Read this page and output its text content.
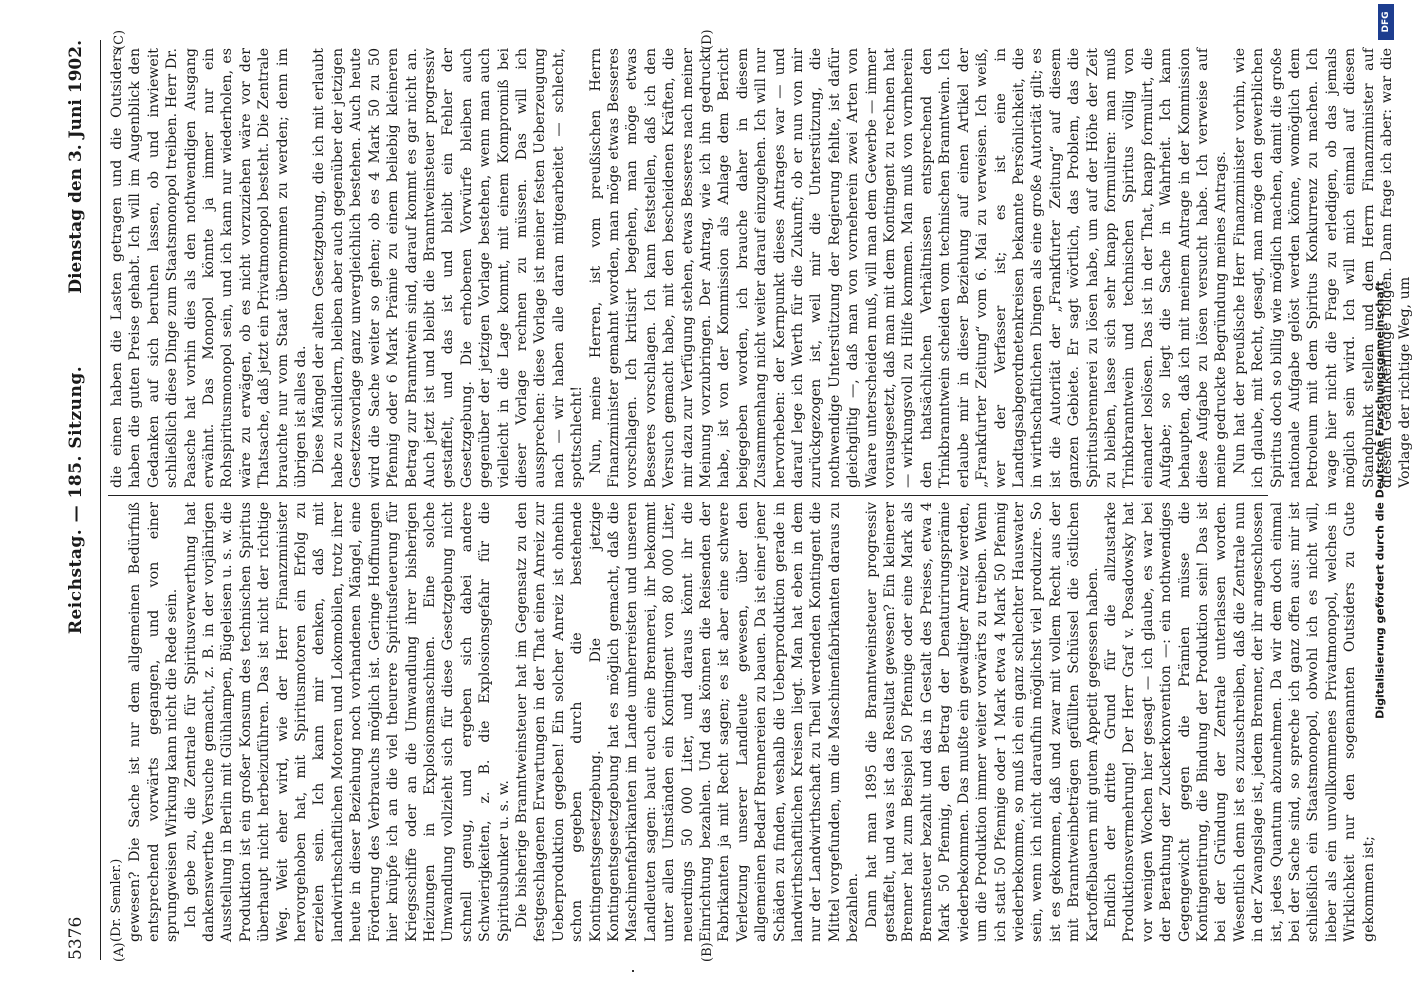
5376
Reichstag. — 185. Sitzung.
Dienstag den 3. Juni 1902.
(A)	(B)
(C)	(D)

(Dr. Semler.) gewesen? Die Sache ist nur dem allgemeinen Bedürfniß entsprechend vorwärts gegangen, und von einer sprungweisen Wirkung kann nicht die Rede sein. Ich gebe zu, die Zentrale für Spiritusverwerthung hat dankenswerthe Versuche gemacht, z. B. in der vorjährigen Ausstellung in Berlin mit Glühlampen, Bügeleisen u. s. w. die Produktion ist ein großer Konsum des technischen Spiritus überhaupt nicht herbeizuführen. Das ist nicht der richtige Weg. Weit eher wird, wie der Herr Finanzminister hervorgehoben hat, mit Spiritusmotoren ein Erfolg zu erzielen sein. Ich kann mir denken, daß mit landwirthschaftlichen Motoren und Lokomobilen, trotz ihrer heute in dieser Beziehung noch vorhandenen Mängel, eine Förderung des Verbrauchs möglich ist. Geringe Hoffnungen hier knüpfe ich an die viel theurere Spiritusfeuerung für Kriegsschiffe oder an die Umwandlung ihrer bisherigen Heizungen in Explosionsmaschinen. Eine solche Umwandlung vollzieht sich für diese Gesetzgebung nicht schnell genug, und ergeben sich dabei andere Schwierigkeiten, z. B. die Explosionsgefahr für die Spiritusbunker u. s. w. Die bisherige Branntweinsteuer hat im Gegensatz zu den festgeschlagenen Erwartungen in der That einen Anreiz zur Ueberproduktion gegeben! Ein solcher Anreiz ist ohnehin schon gegeben durch die bestehende Kontingentsgesetzgebung. Die jetzige Kontingentsgesetzgebung hat es möglich gemacht, daß die Maschinenfabrikanten im Lande umherreisten und unseren Landleuten sagen: baut euch eine Brennerei, ihr bekommt unter allen Umständen ein Kontingent von 80 000 Liter, neuerdings 50 000 Liter, und daraus könnt ihr die Einrichtung bezahlen. Und das können die Reisenden der Fabrikanten ja mit Recht sagen; es ist aber eine schwere Verletzung unserer Landleute gewesen, über den allgemeinen Bedarf Brennereien zu bauen. Da ist einer jener Schäden zu finden, weshalb die Ueberproduktion gerade in landwirthschaftlichen Kreisen liegt. Man hat eben in dem nur der Landwirthschaft zu Theil werdenden Kontingent die Mittel vorgefunden, um die Maschinenfabrikanten daraus zu bezahlen. Dann hat man 1895 die Branntweinsteuer progressiv gestaffelt, und was ist das Resultat gewesen? Ein kleinerer Brenner hat zum Beispiel 50 Pfennige oder eine Mark als Brennsteuer bezahlt und das in Gestalt des Preises, etwa 4 Mark 50 Pfennig, den Betrag der Denaturirungsprämie wiederbekommen. Das mußte ein gewaltiger Anreiz werden, um die Produktion immer weiter vorwärts zu treiben. Wenn ich statt 50 Pfennige oder 1 Mark etwa 4 Mark 50 Pfennig wiederbekomme, so muß ich ein ganz schlechter Hauswater sein, wenn ich nicht daraufhin möglichst viel produzire. So ist es gekommen, daß und zwar mit vollem Recht aus der mit Branntweinbeträgen gefüllten Schüssel die östlichen Kartoffelbauern mit gutem Appetit gegessen haben. Endlich der dritte Grund für die allzustarke Produktionsvermehrung! Der Herr Graf v. Posadowsky hat vor wenigen Wochen hier gesagt — ich glaube, es war bei der Berathung der Zuckerkonvention —: ein nothwendiges Gegengewicht gegen die Prämien müsse die Kontingentirung, die Bindung der Produktion sein! Das ist bei der Gründung der Zentrale unterlassen worden. Wesentlich denn ist es zuzuschreiben, daß die Zentrale nun in der Zwangslage ist, jedem Brenner, der ihr angeschlossen ist, jedes Quantum abzunehmen. Da wir dem doch einmal bei der Sache sind, so spreche ich ganz offen aus: mir ist schließlich ein Staatsmonopol, obwohl ich es nicht will, lieber als ein unvollkommenes Privatmonopol, welches in Wirklichkeit nur den sogenannten Outsiders zu Gute gekommen ist;

die einen haben die Lasten getragen und die Outsiders haben die guten Preise gehabt. Ich will im Augenblick den Gedanken auf sich beruhen lassen, ob und inwieweit schließlich diese Dinge zum Staatsmonopol treiben. Herr Dr. Paasche hat vorhin dies als den nothwendigen Ausgang erwähnt. Das Monopol könnte ja immer nur ein Rohspiritusmonopol sein, und ich kann nur wiederholen, es wäre zu erwägen, ob es nicht vorzuziehen wäre vor der Thatsache, daß jetzt ein Privatmonopol besteht. Die Zentrale brauchte nur vom Staat übernommen zu werden; denn im übrigen ist alles da. Diese Mängel der alten Gesetzgebung, die ich mit erlaubt habe zu schildern, bleiben aber auch gegenüber der jetzigen Gesetzesvorlage ganz unvergleichlich bestehen. Auch heute wird die Sache weiter so gehen; ob es 4 Mark 50 zu 50 Pfennig oder 6 Mark Prämie zu einem beliebig kleineren Betrag zur Branntwein sind, darauf kommt es gar nicht an. Auch jetzt ist und bleibt die Branntweinsteuer progressiv gestaffelt, und das ist und bleibt ein Fehler der Gesetzgebung. Die erhobenen Vorwürfe bleiben auch gegenüber der jetzigen Vorlage bestehen, wenn man auch vielleicht in die Lage kommt, mit einem Kompromiß bei dieser Vorlage rechnen zu müssen. Das will ich aussprechen: diese Vorlage ist meiner festen Ueberzeugung nach — wir haben alle daran mitgearbeitet — schlecht, spottschlecht! Nun, meine Herren, ist vom preußischen Herrn Finanzminister gemahnt worden, man möge etwas Besseres vorschlagen. Ich kritisirt begehen, man möge etwas Besseres vorschlagen. Ich kann feststellen, daß ich den Versuch gemacht habe, mit den bescheidenen Kräften, die mir dazu zur Verfügung stehen, etwas Besseres nach meiner Meinung vorzubringen. Der Antrag, wie ich ihn gedruckt habe, ist von der Kommission als Anlage dem Bericht beigegeben worden, ich brauche daher in diesem Zusammenhang nicht weiter darauf einzugehen. Ich will nur hervorheben: der Kernpunkt dieses Antrages war — und darauf lege ich Werth für die Zukunft; ob er nun von mir zurückgezogen ist, weil mir die Unterstützung, die nothwendige Unterstützung der Regierung fehlte, ist dafür gleichgiltig —, daß man von vorneherein zwei Arten von Waare unterscheiden muß, will man dem Gewerbe — immer vorausgesetzt, daß man mit dem Kontingent zu rechnen hat — wirkungsvoll zu Hilfe kommen. Man muß von vornherein den thatsächlichen Verhältnissen entsprechend den Trinkbranntwein scheiden vom technischen Branntwein. Ich erlaube mir in dieser Beziehung auf einen Artikel der „Frankfurter Zeitung“ vom 6. Mai zu verweisen. Ich weiß, wer der Verfasser ist; es ist eine in Landtagsabgeordnetenkreisen bekannte Persönlichkeit, die in wirthschaftlichen Dingen als eine große Autorität gilt; es ist die Autorität der „Frankfurter Zeitung“ auf diesem ganzen Gebiete. Er sagt wörtlich, das Problem, das die Spiritusbrennerei zu lösen habe, um auf der Höhe der Zeit zu bleiben, lasse sich sehr knapp formuliren: man muß Trinkbranntwein und technischen Spiritus völlig von einander loslösen. Das ist in der That, knapp formulirt, die Aufgabe; so liegt die Sache in Wahrheit. Ich kann behaupten, daß ich mit meinem Antrage in der Kommission diese Aufgabe zu lösen versucht habe. Ich verweise auf meine gedruckte Begründung meines Antrags. Nun hat der preußische Herr Finanzminister vorhin, wie ich glaube, mit Recht, gesagt, man möge den gewerblichen Spiritus doch so billig wie möglich machen, damit die große nationale Aufgabe gelöst werden könne, womöglich dem Petroleum mit dem Spiritus Konkurrenz zu machen. Ich wage hier nicht die Frage zu erledigen, ob das jemals möglich sein wird. Ich will mich einmal auf diesen Standpunkt stellen und dem Herrn Finanzminister auf diesem Gedankenfluge folgen. Dann frage ich aber: war die Vorlage der richtige Weg, um

Digitalisierung gefördert durch die Deutsche Forschungsgemeinschaft
DFG
